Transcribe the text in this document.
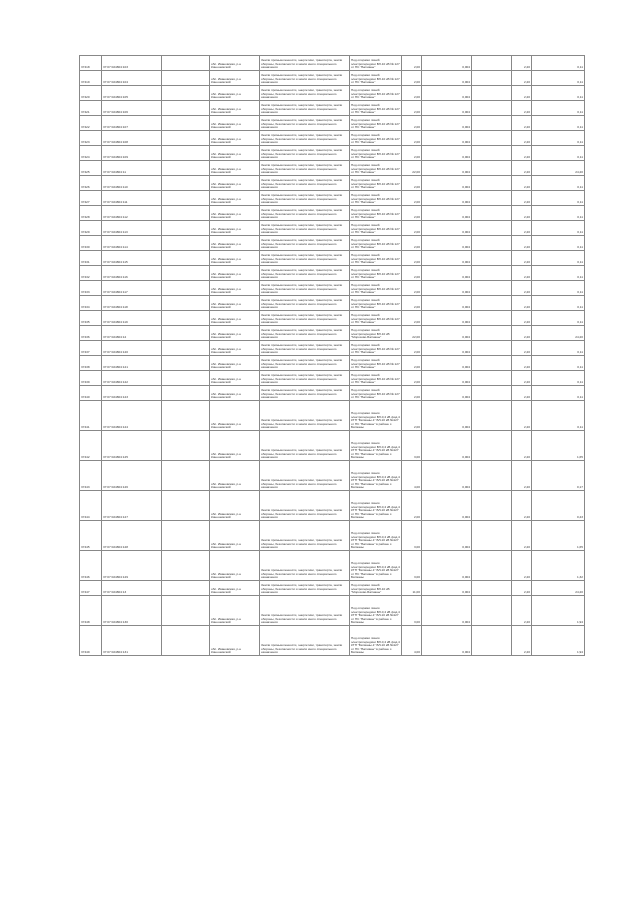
37418	37:07:024804:103		обл. Ивановская, р-н Кинешемский	Земли промышленности, энергетики, транспорта, земли обороны, безопасности и земли иного специального назначения	Под опорами линий электропередачи ВЛ-10 кВ № 127 от ПС "Батманы"	2,00	0,004		2,20	0,11
37419	37:07:024804:104		обл. Ивановская, р-н Кинешемский	Земли промышленности, энергетики, транспорта, земли обороны, безопасности и земли иного специального назначения	Под опорами линий электропередачи ВЛ-10 кВ № 127 от ПС "Батманы"	2,00	0,004		2,20	0,11
37420	37:07:024804:105		обл. Ивановская, р-н Кинешемский	Земли промышленности, энергетики, транспорта, земли обороны, безопасности и земли иного специального назначения	Под опорами линий электропередачи ВЛ-10 кВ № 127 от ПС "Батманы"	2,00	0,004		2,20	0,11
37421	37:07:024804:106		обл. Ивановская, р-н Кинешемский	Земли промышленности, энергетики, транспорта, земли обороны, безопасности и земли иного специального назначения	Под опорами линий электропередачи ВЛ-10 кВ № 127 от ПС "Батманы"	2,00	0,004		2,20	0,11
37422	37:07:024804:107		обл. Ивановская, р-н Кинешемский	Земли промышленности, энергетики, транспорта, земли обороны, безопасности и земли иного специального назначения	Под опорами линий электропередачи ВЛ-10 кВ № 127 от ПС "Батманы"	2,00	0,004		2,20	0,11
37423	37:07:024804:108		обл. Ивановская, р-н Кинешемский	Земли промышленности, энергетики, транспорта, земли обороны, безопасности и земли иного специального назначения	Под опорами линий электропередачи ВЛ-10 кВ № 127 от ПС "Батманы"	2,00	0,004		2,20	0,11
37424	37:07:024804:109		обл. Ивановская, р-н Кинешемский	Земли промышленности, энергетики, транспорта, земли обороны, безопасности и земли иного специального назначения	Под опорами линий электропередачи ВЛ-10 кВ № 127 от ПС "Батманы"	2,00	0,004		2,20	0,11
37425	37:07:024804:11		обл. Ивановская, р-н Кинешемский	Земли промышленности, энергетики, транспорта, земли обороны, безопасности и земли иного специального назначения	Под опорами линий электропередачи ВЛ-10 кВ № 127 от ПС "Батманы"	22,00	0,004		2,20	24,20
37426	37:07:024804:110		обл. Ивановская, р-н Кинешемский	Земли промышленности, энергетики, транспорта, земли обороны, безопасности и земли иного специального назначения	Под опорами линий электропередачи ВЛ-10 кВ № 127 от ПС "Батманы"	2,00	0,004		2,20	0,11
37427	37:07:024804:111		обл. Ивановская, р-н Кинешемский	Земли промышленности, энергетики, транспорта, земли обороны, безопасности и земли иного специального назначения	Под опорами линий электропередачи ВЛ-10 кВ № 127 от ПС "Батманы"	2,00	0,004		2,20	0,11
37428	37:07:024804:112		обл. Ивановская, р-н Кинешемский	Земли промышленности, энергетики, транспорта, земли обороны, безопасности и земли иного специального назначения	Под опорами линий электропередачи ВЛ-10 кВ № 127 от ПС "Батманы"	2,00	0,004		2,20	0,11
37429	37:07:024804:113		обл. Ивановская, р-н Кинешемский	Земли промышленности, энергетики, транспорта, земли обороны, безопасности и земли иного специального назначения	Под опорами линий электропередачи ВЛ-10 кВ № 127 от ПС "Батманы"	2,00	0,004		2,20	0,11
37430	37:07:024804:114		обл. Ивановская, р-н Кинешемский	Земли промышленности, энергетики, транспорта, земли обороны, безопасности и земли иного специального назначения	Под опорами линий электропередачи ВЛ-10 кВ № 127 от ПС "Батманы"	2,00	0,004		2,20	0,11
37431	37:07:024804:115		обл. Ивановская, р-н Кинешемский	Земли промышленности, энергетики, транспорта, земли обороны, безопасности и земли иного специального назначения	Под опорами линий электропередачи ВЛ-10 кВ № 127 от ПС "Батманы"	2,00	0,004		2,20	0,11
37432	37:07:024804:116		обл. Ивановская, р-н Кинешемский	Земли промышленности, энергетики, транспорта, земли обороны, безопасности и земли иного специального назначения	Под опорами линий электропередачи ВЛ-10 кВ № 127 от ПС "Батманы"	2,00	0,004		2,20	0,11
37433	37:07:024804:117		обл. Ивановская, р-н Кинешемский	Земли промышленности, энергетики, транспорта, земли обороны, безопасности и земли иного специального назначения	Под опорами линий электропередачи ВЛ-10 кВ № 127 от ПС "Батманы"	2,00	0,004		2,20	0,11
37434	37:07:024804:118		обл. Ивановская, р-н Кинешемский	Земли промышленности, энергетики, транспорта, земли обороны, безопасности и земли иного специального назначения	Под опорами линий электропередачи ВЛ-10 кВ № 127 от ПС "Батманы"	2,00	0,004		2,20	0,11
37435	37:07:024804:119		обл. Ивановская, р-н Кинешемский	Земли промышленности, энергетики, транспорта, земли обороны, безопасности и земли иного специального назначения	Под опорами линий электропередачи ВЛ-10 кВ № 127 от ПС "Батманы"	2,00	0,004		2,20	0,11
37436	37:07:024804:12		обл. Ивановская, р-н Кинешемский	Земли промышленности, энергетики, транспорта, земли обороны, безопасности и земли иного специального назначения	Под опорами линий электропередачи ВЛ-10 кВ "Морозово-Батманы"	22,00	0,004		2,20	24,20
37437	37:07:024804:120		обл. Ивановская, р-н Кинешемский	Земли промышленности, энергетики, транспорта, земли обороны, безопасности и земли иного специального назначения	Под опорами линий электропередачи ВЛ-10 кВ № 127 от ПС "Батманы"	2,00	0,004		2,20	0,11
37438	37:07:024804:121		обл. Ивановская, р-н Кинешемский	Земли промышленности, энергетики, транспорта, земли обороны, безопасности и земли иного специального назначения	Под опорами линий электропередачи ВЛ-10 кВ № 127 от ПС "Батманы"	2,00	0,004		2,20	0,11
37439	37:07:024804:122		обл. Ивановская, р-н Кинешемский	Земли промышленности, энергетики, транспорта, земли обороны, безопасности и земли иного специального назначения	Под опорами линий электропередачи ВЛ-10 кВ № 127 от ПС "Батманы"	2,00	0,004		2,20	0,11
37440	37:07:024804:123		обл. Ивановская, р-н Кинешемский	Земли промышленности, энергетики, транспорта, земли обороны, безопасности и земли иного специального назначения	Под опорами линий электропередачи ВЛ-10 кВ № 127 от ПС "Батманы"	2,00	0,004		2,20	0,11
37441	37:07:024804:124		обл. Ивановская, р-н Кинешемский	Земли промышленности, энергетики, транспорта, земли обороны, безопасности и земли иного специального назначения	Под опорами линии электропередачи ВЛ-0,4 кВ фид.4 КТП "Батманы-1" ВЛ-10 кВ №127 от ПС "Батманы" в районе с. Батманы	2,00	0,004		2,20	0,11
37442	37:07:024804:125		обл. Ивановская, р-н Кинешемский	Земли промышленности, энергетики, транспорта, земли обороны, безопасности и земли иного специального назначения	Под опорами линии электропередачи ВЛ-0,4 кВ фид.4 КТП "Батманы-1" ВЛ-10 кВ №127 от ПС "Батманы" в районе с. Батманы	3,00	0,004		2,20	1,65
37443	37:07:024804:126		обл. Ивановская, р-н Кинешемский	Земли промышленности, энергетики, транспорта, земли обороны, безопасности и земли иного специального назначения	Под опорами линии электропередачи ВЛ-0,4 кВ фид.4 КТП "Батманы-1" ВЛ-10 кВ №127 от ПС "Батманы" в районе с. Батманы	4,00	0,004		2,20	0,17
37444	37:07:024804:127		обл. Ивановская, р-н Кинешемский	Земли промышленности, энергетики, транспорта, земли обороны, безопасности и земли иного специального назначения	Под опорами линии электропередачи ВЛ-0,4 кВ фид.4 КТП "Батманы-1" ВЛ-10 кВ №127 от ПС "Батманы" в районе с. Батманы	2,00	0,004		2,20	0,43
37445	37:07:024804:128		обл. Ивановская, р-н Кинешемский	Земли промышленности, энергетики, транспорта, земли обороны, безопасности и земли иного специального назначения	Под опорами линии электропередачи ВЛ-0,4 кВ фид.4 КТП "Батманы-1" ВЛ-10 кВ №127 от ПС "Батманы" в районе с. Батманы	3,00	0,004		2,20	1,65
37446	37:07:024804:129		обл. Ивановская, р-н Кинешемский	Земли промышленности, энергетики, транспорта, земли обороны, безопасности и земли иного специального назначения	Под опорами линии электропередачи ВЛ-0,4 кВ фид.4 КТП "Батманы-1" ВЛ-10 кВ №127 от ПС "Батманы" в районе с. Батманы	3,00	0,004		2,20	1,32
37447	37:07:024804:13		обл. Ивановская, р-н Кинешемский	Земли промышленности, энергетики, транспорта, земли обороны, безопасности и земли иного специального назначения	Под опорами линий электропередачи ВЛ-10 кВ "Морозово-Батманы"	11,00	0,004		2,20	24,20
37448	37:07:024804:130		обл. Ивановская, р-н Кинешемский	Земли промышленности, энергетики, транспорта, земли обороны, безопасности и земли иного специального назначения	Под опорами линии электропередачи ВЛ-0,4 кВ фид.4 КТП "Батманы-1" ВЛ-10 кВ №127 от ПС "Батманы" в районе с. Батманы	3,00	0,004		2,20	1,94
37449	37:07:024804:131		обл. Ивановская, р-н Кинешемский	Земли промышленности, энергетики, транспорта, земли обороны, безопасности и земли иного специального назначения	Под опорами линии электропередачи ВЛ-0,4 кВ фид.4 КТП "Батманы-1" ВЛ-10 кВ №127 от ПС "Батманы" в районе с. Батманы	4,00	0,004		2,20	1,94
